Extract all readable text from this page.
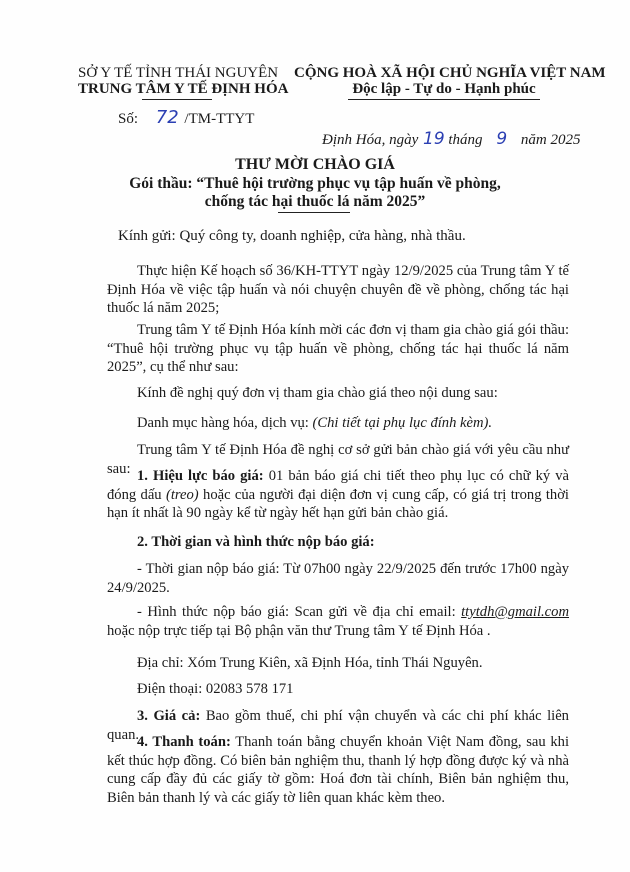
SỞ Y TẾ TỈNH THÁI NGUYÊN
TRUNG TÂM Y TẾ ĐỊNH HÓA
CỘNG HOÀ XÃ HỘI CHỦ NGHĨA VIỆT NAM
Độc lập - Tự do - Hạnh phúc
Số: 72 /TM-TTYT
Định Hóa, ngày 19 tháng 9 năm 2025
THƯ MỜI CHÀO GIÁ
Gói thầu: “Thuê hội trường phục vụ tập huấn về phòng,
chống tác hại thuốc lá năm 2025”
Kính gửi: Quý công ty, doanh nghiệp, cửa hàng, nhà thầu.
Thực hiện Kế hoạch số 36/KH-TTYT ngày 12/9/2025 của Trung tâm Y tế Định Hóa về việc tập huấn và nói chuyện chuyên đề về phòng, chống tác hại thuốc lá năm 2025;
Trung tâm Y tế Định Hóa kính mời các đơn vị tham gia chào giá gói thầu: “Thuê hội trường phục vụ tập huấn về phòng, chống tác hại thuốc lá năm 2025”, cụ thể như sau:
Kính đề nghị quý đơn vị tham gia chào giá theo nội dung sau:
Danh mục hàng hóa, dịch vụ: (Chi tiết tại phụ lục đính kèm).
Trung tâm Y tế Định Hóa đề nghị cơ sở gửi bản chào giá với yêu cầu như sau: 1. Hiệu lực báo giá: 01 bản báo giá chi tiết theo phụ lục có chữ ký và đóng dấu (treo) hoặc của người đại diện đơn vị cung cấp, có giá trị trong thời hạn ít nhất là 90 ngày kể từ ngày hết hạn gửi bản chào giá.
2. Thời gian và hình thức nộp báo giá:
- Thời gian nộp báo giá: Từ 07h00 ngày 22/9/2025 đến trước 17h00 ngày 24/9/2025.
- Hình thức nộp báo giá: Scan gửi về địa chỉ email: ttytdh@gmail.com hoặc nộp trực tiếp tại Bộ phận văn thư Trung tâm Y tế Định Hóa .
Địa chỉ: Xóm Trung Kiên, xã Định Hóa, tỉnh Thái Nguyên.
Điện thoại: 02083 578 171
3. Giá cả: Bao gồm thuế, chi phí vận chuyển và các chi phí khác liên quan.
4. Thanh toán: Thanh toán bằng chuyển khoản Việt Nam đồng, sau khi kết thúc hợp đồng. Có biên bản nghiệm thu, thanh lý hợp đồng được ký và nhà cung cấp đầy đủ các giấy tờ gồm: Hoá đơn tài chính, Biên bản nghiệm thu, Biên bản thanh lý và các giấy tờ liên quan khác kèm theo.
